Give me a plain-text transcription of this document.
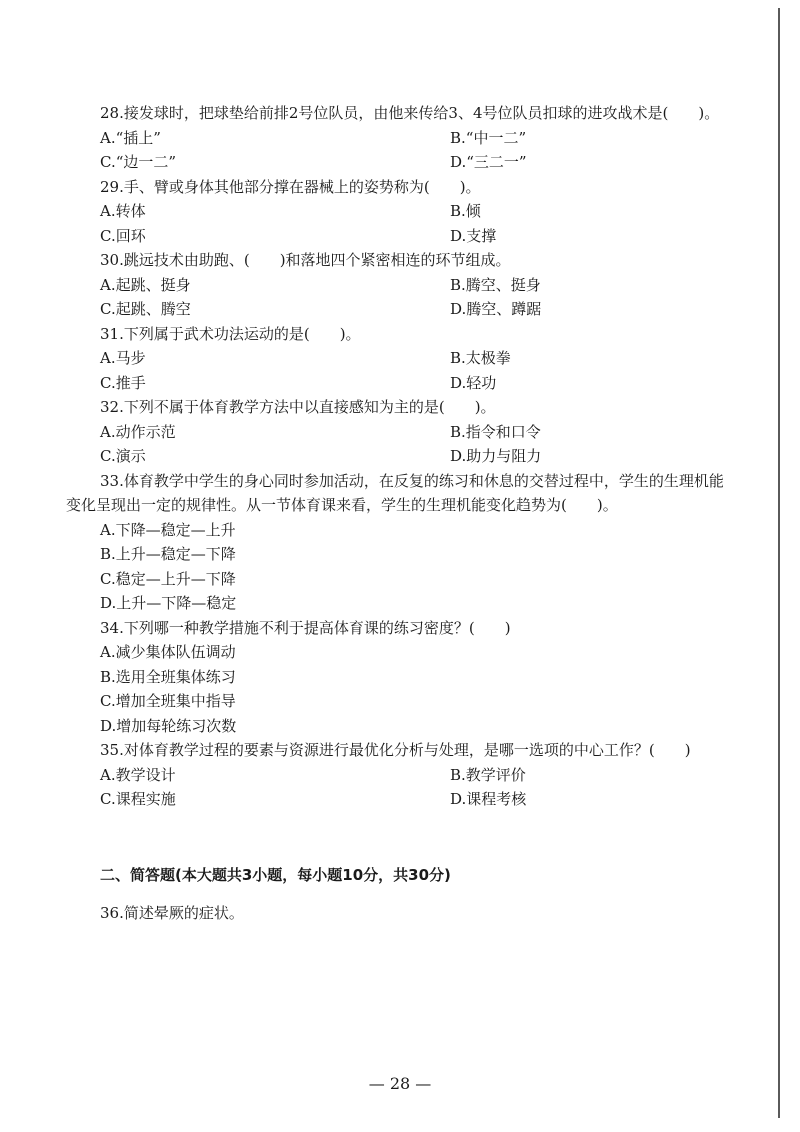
28.接发球时，把球垫给前排2号位队员，由他来传给3、4号位队员扣球的进攻战术是(　　)。
A.“插上”	B.“中一二”
C.“边一二”	D.“三二一”
29.手、臂或身体其他部分撑在器械上的姿势称为(　　)。
A.转体	B.倾
C.回环	D.支撑
30.跳远技术由助跑、(　　)和落地四个紧密相连的环节组成。
A.起跳、挺身	B.腾空、挺身
C.起跳、腾空	D.腾空、蹲踞
31.下列属于武术功法运动的是(　　)。
A.马步	B.太极拳
C.推手	D.轻功
32.下列不属于体育教学方法中以直接感知为主的是(　　)。
A.动作示范	B.指令和口令
C.演示	D.助力与阻力
33.体育教学中学生的身心同时参加活动，在反复的练习和休息的交替过程中，学生的生理机能变化呈现出一定的规律性。从一节体育课来看，学生的生理机能变化趋势为(　　)。
A.下降—稳定—上升
B.上升—稳定—下降
C.稳定—上升—下降
D.上升—下降—稳定
34.下列哪一种教学措施不利于提高体育课的练习密度？(　　)
A.减少集体队伍调动
B.选用全班集体练习
C.增加全班集中指导
D.增加每轮练习次数
35.对体育教学过程的要素与资源进行最优化分析与处理，是哪一选项的中心工作？(　　)
A.教学设计	B.教学评价
C.课程实施	D.课程考核
二、简答题(本大题共3小题，每小题10分，共30分)
36.简述晕厥的症状。
— 28 —
